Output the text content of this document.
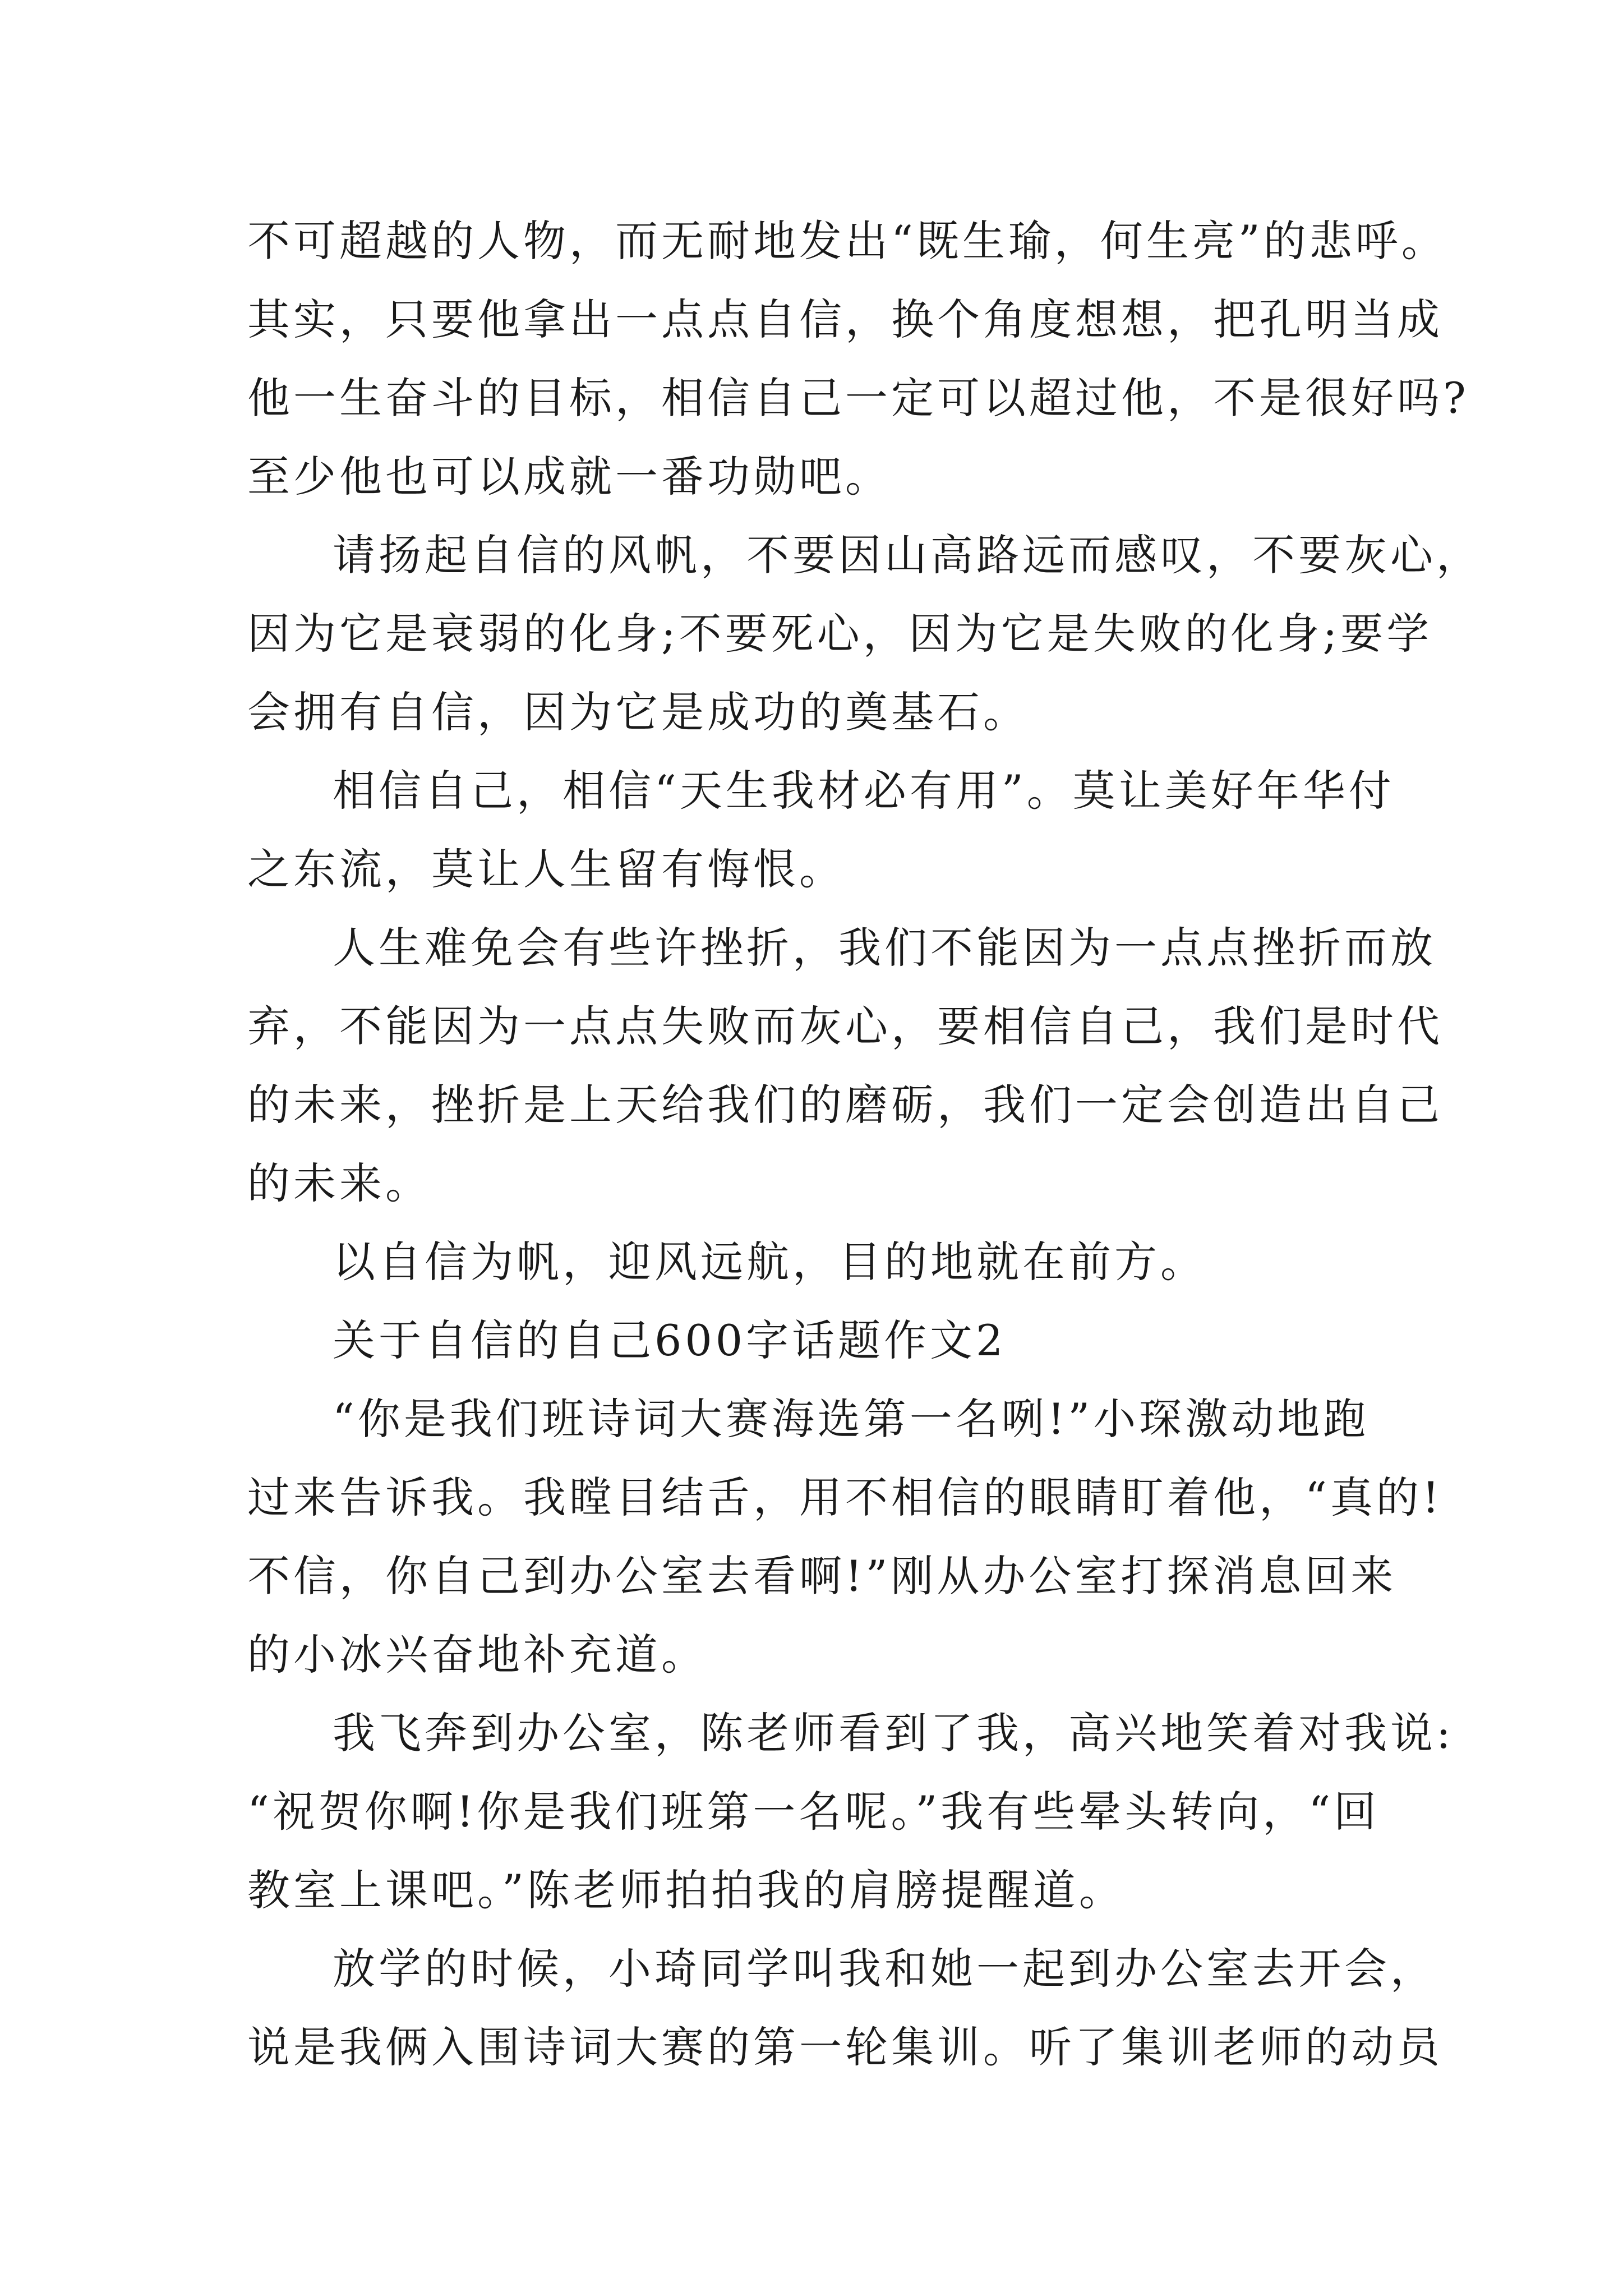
不可超越的人物，而无耐地发出“既生瑜，何生亮”的悲呼。
其实，只要他拿出一点点自信，换个角度想想，把孔明当成
他一生奋斗的目标，相信自己一定可以超过他，不是很好吗?
至少他也可以成就一番功勋吧。
请扬起自信的风帆，不要因山高路远而感叹，不要灰心，
因为它是衰弱的化身;不要死心，因为它是失败的化身;要学
会拥有自信，因为它是成功的奠基石。
相信自己，相信“天生我材必有用”。莫让美好年华付
之东流，莫让人生留有悔恨。
人生难免会有些许挫折，我们不能因为一点点挫折而放
弃，不能因为一点点失败而灰心，要相信自己，我们是时代
的未来，挫折是上天给我们的磨砺，我们一定会创造出自己
的未来。
以自信为帆，迎风远航，目的地就在前方。
关于自信的自己600字话题作文2
“你是我们班诗词大赛海选第一名咧!”小琛激动地跑
过来告诉我。我瞠目结舌，用不相信的眼睛盯着他，“真的!
不信，你自己到办公室去看啊!”刚从办公室打探消息回来
的小冰兴奋地补充道。
我飞奔到办公室，陈老师看到了我，高兴地笑着对我说:
“祝贺你啊!你是我们班第一名呢。”我有些晕头转向，“回
教室上课吧。”陈老师拍拍我的肩膀提醒道。
放学的时候，小琦同学叫我和她一起到办公室去开会，
说是我俩入围诗词大赛的第一轮集训。听了集训老师的动员
